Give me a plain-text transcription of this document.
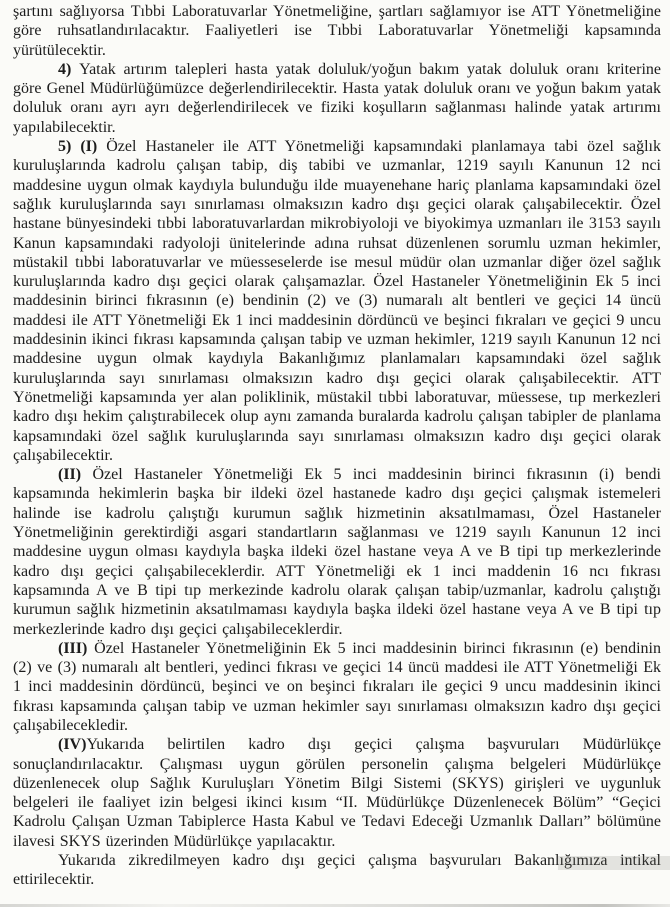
şartını sağlıyorsa Tıbbi Laboratuvarlar Yönetmeliğine, şartları sağlamıyor ise ATT Yönetmeliğine göre ruhsatlandırılacaktır. Faaliyetleri ise Tıbbi Laboratuvarlar Yönetmeliği kapsamında yürütülecektir.

4) Yatak artırım talepleri hasta yatak doluluk/yoğun bakım yatak doluluk oranı kriterine göre Genel Müdürlüğümüzce değerlendirilecektir. Hasta yatak doluluk oranı ve yoğun bakım yatak doluluk oranı ayrı ayrı değerlendirilecek ve fiziki koşulların sağlanması halinde yatak artırımı yapılabilecektir.

5) (I) Özel Hastaneler ile ATT Yönetmeliği kapsamındaki planlamaya tabi özel sağlık kuruluşlarında kadrolu çalışan tabip, diş tabibi ve uzmanlar, 1219 sayılı Kanunun 12 nci maddesine uygun olmak kaydıyla bulunduğu ilde muayenehane hariç planlama kapsamındaki özel sağlık kuruluşlarında sayı sınırlaması olmaksızın kadro dışı geçici olarak çalışabilecektir. Özel hastane bünyesindeki tıbbi laboratuvarlardan mikrobiyoloji ve biyokimya uzmanları ile 3153 sayılı Kanun kapsamındaki radyoloji ünitelerinde adına ruhsat düzenlenen sorumlu uzman hekimler, müstakil tıbbi laboratuvarlar ve müesseselerde ise mesul müdür olan uzmanlar diğer özel sağlık kuruluşlarında kadro dışı geçici olarak çalışamazlar. Özel Hastaneler Yönetmeliğinin Ek 5 inci maddesinin birinci fıkrasının (e) bendinin (2) ve (3) numaralı alt bentleri ve geçici 14 üncü maddesi ile ATT Yönetmeliği Ek 1 inci maddesinin dördüncü ve beşinci fıkraları ve geçici 9 uncu maddesinin ikinci fıkrası kapsamında çalışan tabip ve uzman hekimler, 1219 sayılı Kanunun 12 nci maddesine uygun olmak kaydıyla Bakanlığımız planlamaları kapsamındaki özel sağlık kuruluşlarında sayı sınırlaması olmaksızın kadro dışı geçici olarak çalışabilecektir. ATT Yönetmeliği kapsamında yer alan poliklinik, müstakil tıbbi laboratuvar, müessese, tıp merkezleri kadro dışı hekim çalıştırabilecek olup aynı zamanda buralarda kadrolu çalışan tabipler de planlama kapsamındaki özel sağlık kuruluşlarında sayı sınırlaması olmaksızın kadro dışı geçici olarak çalışabilecektir.

(II) Özel Hastaneler Yönetmeliği Ek 5 inci maddesinin birinci fıkrasının (i) bendi kapsamında hekimlerin başka bir ildeki özel hastanede kadro dışı geçici çalışmak istemeleri halinde ise kadrolu çalıştığı kurumun sağlık hizmetinin aksatılmaması, Özel Hastaneler Yönetmeliğinin gerektirdiği asgari standartların sağlanması ve 1219 sayılı Kanunun 12 inci maddesine uygun olması kaydıyla başka ildeki özel hastane veya A ve B tipi tıp merkezlerinde kadro dışı geçici çalışabileceklerdir. ATT Yönetmeliği ek 1 inci maddenin 16 ncı fıkrası kapsamında A ve B tipi tıp merkezinde kadrolu olarak çalışan tabip/uzmanlar, kadrolu çalıştığı kurumun sağlık hizmetinin aksatılmaması kaydıyla başka ildeki özel hastane veya A ve B tipi tıp merkezlerinde kadro dışı geçici çalışabileceklerdir.

(III) Özel Hastaneler Yönetmeliğinin Ek 5 inci maddesinin birinci fıkrasının (e) bendinin (2) ve (3) numaralı alt bentleri, yedinci fıkrası ve geçici 14 üncü maddesi ile ATT Yönetmeliği Ek 1 inci maddesinin dördüncü, beşinci ve on beşinci fıkraları ile geçici 9 uncu maddesinin ikinci fıkrası kapsamında çalışan tabip ve uzman hekimler sayı sınırlaması olmaksızın kadro dışı geçici çalışabilecekledir.

(IV)Yukarıda belirtilen kadro dışı geçici çalışma başvuruları Müdürlükçe sonuçlandırılacaktır. Çalışması uygun görülen personelin çalışma belgeleri Müdürlükçe düzenlenecek olup Sağlık Kuruluşları Yönetim Bilgi Sistemi (SKYS) girişleri ve uygunluk belgeleri ile faaliyet izin belgesi ikinci kısım “II. Müdürlükçe Düzenlenecek Bölüm” “Geçici Kadrolu Çalışan Uzman Tabiplerce Hasta Kabul ve Tedavi Edeceği Uzmanlık Dalları” bölümüne ilavesi SKYS üzerinden Müdürlükçe yapılacaktır.

Yukarıda zikredilmeyen kadro dışı geçici çalışma başvuruları Bakanlığımıza intikal ettirilecektir.
